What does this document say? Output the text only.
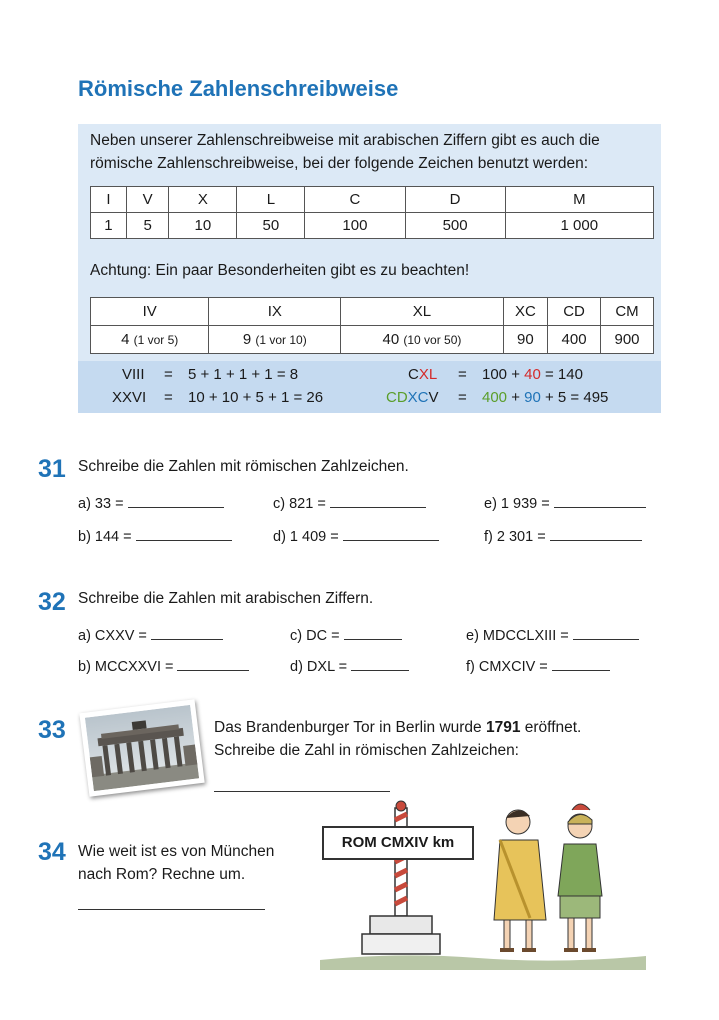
Römische Zahlenschreibweise
Neben unserer Zahlenschreibweise mit arabischen Ziffern gibt es auch die römische Zahlenschreibweise, bei der folgende Zeichen benutzt werden:
I	V	X	L	C	D	M
1	5	10	50	100	500	1 000
Achtung: Ein paar Besonderheiten gibt es zu beachten!
IV	IX	XL	XC	CD	CM
4 (1 vor 5)	9 (1 vor 10)	40 (10 vor 50)	90	400	900
VIII = 5 + 1 + 1 + 1 = 8	CXL = 100 + 40 = 140
XXVI = 10 + 10 + 5 + 1 = 26	CDXCV = 400 + 90 + 5 = 495
31 Schreibe die Zahlen mit römischen Zahlzeichen.
a) 33 =
b) 144 =
c) 821 =
d) 1 409 =
e) 1 939 =
f) 2 301 =
32 Schreibe die Zahlen mit arabischen Ziffern.
a) CXXV =
b) MCCXXVI =
c) DC =
d) DXL =
e) MDCCLXIII =
f) CMXCIV =
33	Das Brandenburger Tor in Berlin wurde 1791 eröffnet.
Schreibe die Zahl in römischen Zahlzeichen:
34 Wie weit ist es von München
nach Rom? Rechne um.
ROM CMXIV km
